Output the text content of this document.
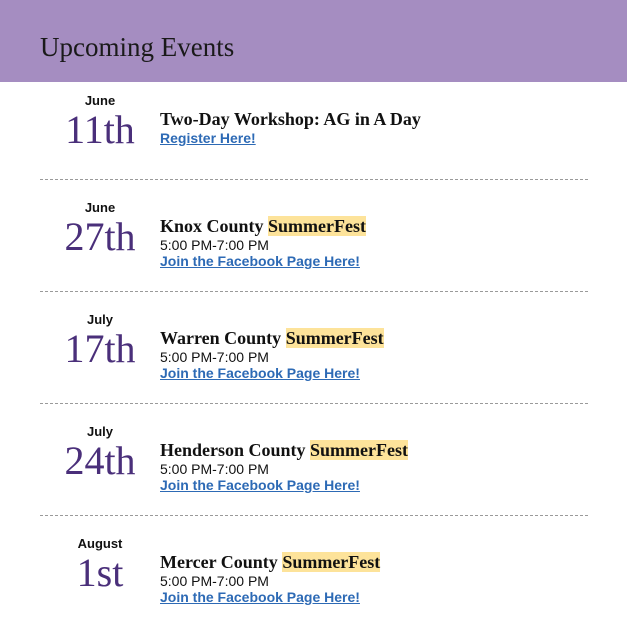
Upcoming Events
June
11th	Two-Day Workshop: AG in A Day
Register Here!
June
27th	Knox County SummerFest
5:00 PM-7:00 PM
Join the Facebook Page Here!
July
17th	Warren County SummerFest
5:00 PM-7:00 PM
Join the Facebook Page Here!
July
24th	Henderson County SummerFest
5:00 PM-7:00 PM
Join the Facebook Page Here!
August
1st	Mercer County SummerFest
5:00 PM-7:00 PM
Join the Facebook Page Here!
